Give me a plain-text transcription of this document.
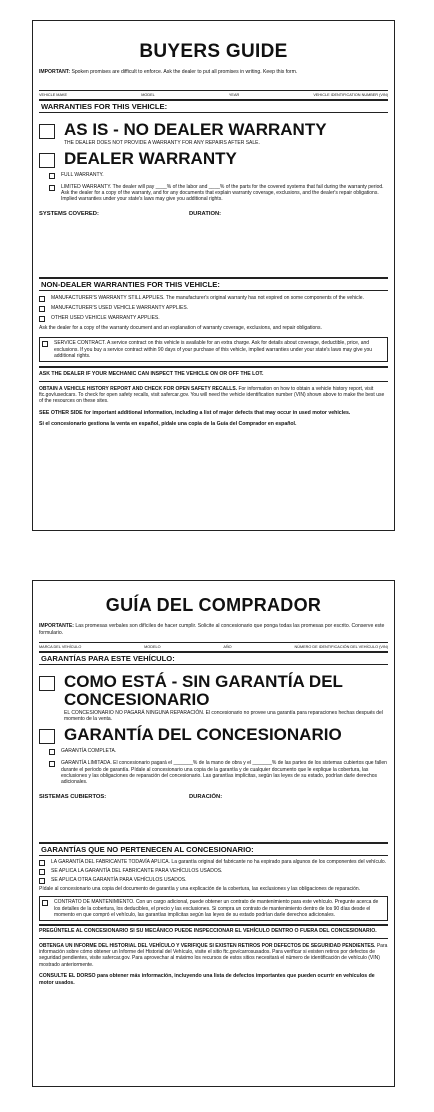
BUYERS GUIDE
IMPORTANT: Spoken promises are difficult to enforce. Ask the dealer to put all promises in writing. Keep this form.
VEHICLE MAKE	MODEL	YEAR	VEHICLE IDENTIFICATION NUMBER (VIN)
WARRANTIES FOR THIS VEHICLE:
AS IS - NO DEALER WARRANTY
THE DEALER DOES NOT PROVIDE A WARRANTY FOR ANY REPAIRS AFTER SALE.
DEALER WARRANTY
FULL WARRANTY.
LIMITED WARRANTY. The dealer will pay ____% of the labor and ____% of the parts for the covered systems that fail during the warranty period. Ask the dealer for a copy of the warranty, and for any documents that explain warranty coverage, exclusions, and the dealer's repair obligations. Implied warranties under your state's laws may give you additional rights.
SYSTEMS COVERED:	DURATION:
NON-DEALER WARRANTIES FOR THIS VEHICLE:
MANUFACTURER'S WARRANTY STILL APPLIES. The manufacturer's original warranty has not expired on some components of the vehicle.
MANUFACTURER'S USED VEHICLE WARRANTY APPLIES.
OTHER USED VEHICLE WARRANTY APPLIES.
Ask the dealer for a copy of the warranty document and an explanation of warranty coverage, exclusions, and repair obligations.
SERVICE CONTRACT. A service contract on this vehicle is available for an extra charge. Ask for details about coverage, deductible, price, and exclusions. If you buy a service contract within 90 days of your purchase of this vehicle, implied warranties under your state's laws may give you additional rights.
ASK THE DEALER IF YOUR MECHANIC CAN INSPECT THE VEHICLE ON OR OFF THE LOT.
OBTAIN A VEHICLE HISTORY REPORT AND CHECK FOR OPEN SAFETY RECALLS. For information on how to obtain a vehicle history report, visit ftc.gov/usedcars. To check for open safety recalls, visit safercar.gov. You will need the vehicle identification number (VIN) shown above to make the best use of the resources on these sites.
SEE OTHER SIDE for important additional information, including a list of major defects that may occur in used motor vehicles.
Si el concesionario gestiona la venta en español, pídale una copia de la Guía del Comprador en español.
GUÍA DEL COMPRADOR
IMPORTANTE: Las promesas verbales son difíciles de hacer cumplir. Solicite al concesionario que ponga todas las promesas por escrito. Conserve este formulario.
MARCA DEL VEHÍCULO	MODELO	AÑO	NÚMERO DE IDENTIFICACIÓN DEL VEHÍCULO (VIN)
GARANTÍAS PARA ESTE VEHÍCULO:
COMO ESTÁ - SIN GARANTÍA DEL
CONCESIONARIO
EL CONCESIONARIO NO PAGARÁ NINGUNA REPARACIÓN. El concesionario no provee una garantía para reparaciones hechas después del momento de la venta.
GARANTÍA DEL CONCESIONARIO
GARANTÍA COMPLETA.
GARANTÍA LIMITADA. El concesionario pagará el _______% de la mano de obra y el _______% de las partes de los sistemas cubiertos que fallen durante el período de garantía. Pídale al concesionario una copia de la garantía y de cualquier documento que le explique la cobertura, las exclusiones y las obligaciones de reparación del concesionario. Las garantías implícitas, según las leyes de su estado, podrían darle derechos adicionales.
SISTEMAS CUBIERTOS:	DURACIÓN:
GARANTÍAS QUE NO PERTENECEN AL CONCESIONARIO:
LA GARANTÍA DEL FABRICANTE TODAVÍA APLICA. La garantía original del fabricante no ha expirado para algunos de los componentes del vehículo.
SE APLICA LA GARANTÍA DEL FABRICANTE PARA VEHÍCULOS USADOS.
SE APLICA OTRA GARANTÍA PARA VEHÍCULOS USADOS.
Pídale al concesionario una copia del documento de garantía y una explicación de la cobertura, las exclusiones y las obligaciones de reparación.
CONTRATO DE MANTENIMIENTO. Con un cargo adicional, puede obtener un contrato de mantenimiento para este vehículo. Pregunte acerca de los detalles de la cobertura, los deducibles, el precio y las exclusiones. Si compra un contrato de mantenimiento dentro de los 90 días desde el momento en que compró el vehículo, las garantías implícitas según las leyes de su estado podrían darle derechos adicionales.
PREGÚNTELE AL CONCESIONARIO SI SU MECÁNICO PUEDE INSPECCIONAR EL VEHÍCULO DENTRO O FUERA DEL CONCESIONARIO.
OBTENGA UN INFORME DEL HISTORIAL DEL VEHÍCULO Y VERIFIQUE SI EXISTEN RETIROS POR DEFECTOS DE SEGURIDAD PENDIENTES. Para información sobre cómo obtener un Informe del Historial del Vehículo, visite el sitio ftc.gov/carrosusados. Para verificar si existen retiros por defectos de seguridad pendientes, visite safercar.gov. Para aprovechar al máximo los recursos de estos sitios necesitará el número de identificación de vehículo (VIN) mostrado anteriormente.
CONSULTE EL DORSO para obtener más información, incluyendo una lista de defectos importantes que pueden ocurrir en vehículos de motor usados.
